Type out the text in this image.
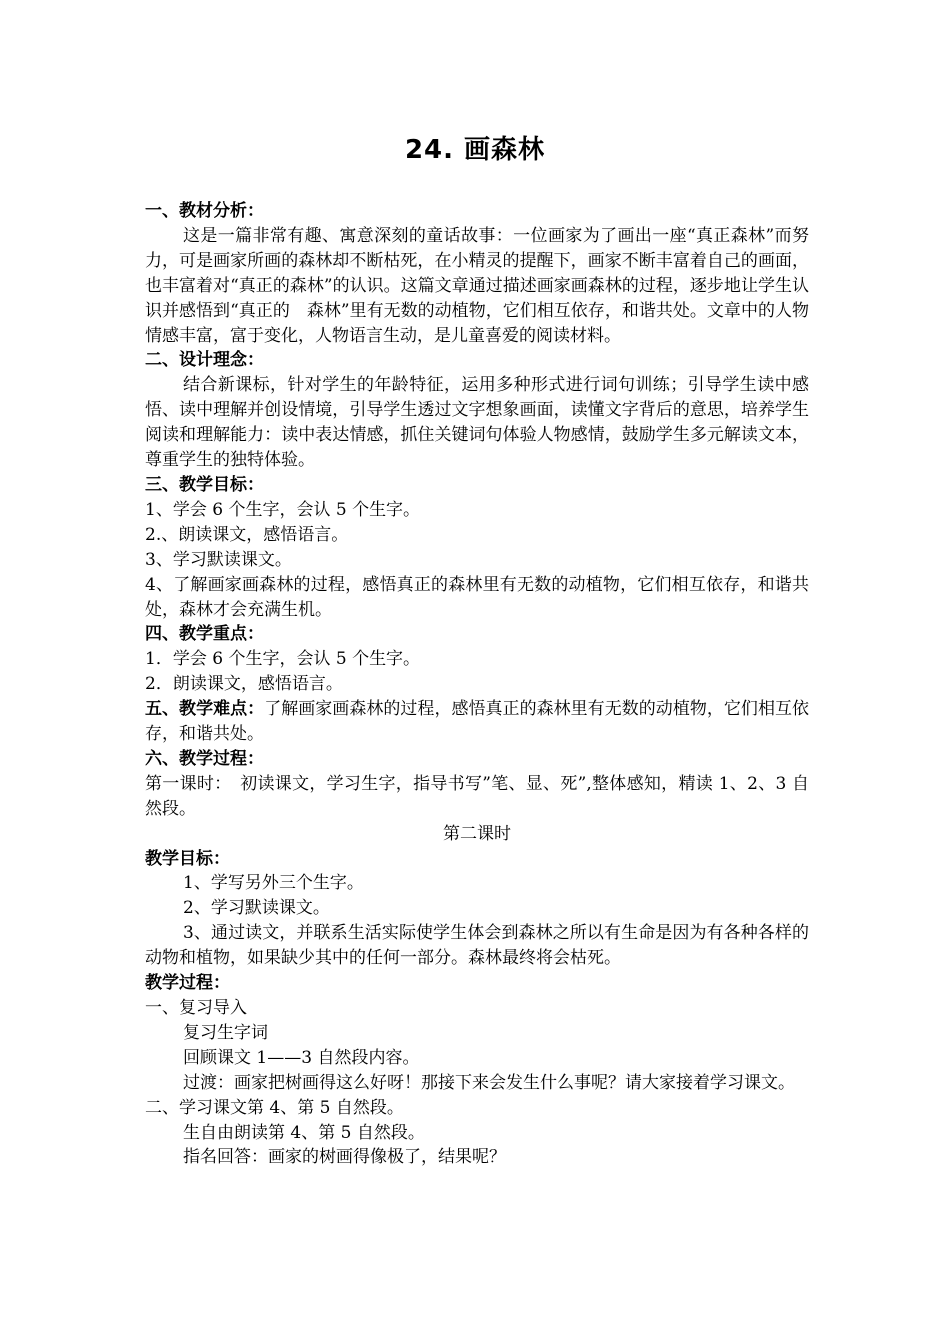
24. 画森林

一、教材分析：

这是一篇非常有趣、寓意深刻的童话故事：一位画家为了画出一座“真正森林”而努力，可是画家所画的森林却不断枯死，在小精灵的提醒下，画家不断丰富着自己的画面，也丰富着对“真正的森林”的认识。这篇文章通过描述画家画森林的过程，逐步地让学生认识并感悟到“真正的　森林”里有无数的动植物，它们相互依存，和谐共处。文章中的人物情感丰富，富于变化，人物语言生动，是儿童喜爱的阅读材料。

二、设计理念：

结合新课标，针对学生的年龄特征，运用多种形式进行词句训练；引导学生读中感悟、读中理解并创设情境，引导学生透过文字想象画面，读懂文字背后的意思，培养学生阅读和理解能力：读中表达情感，抓住关键词句体验人物感情，鼓励学生多元解读文本，尊重学生的独特体验。

三、教学目标：

1、学会 6 个生字，会认 5 个生字。

2.、朗读课文，感悟语言。

3、学习默读课文。

4、了解画家画森林的过程，感悟真正的森林里有无数的动植物，它们相互依存，和谐共处，森林才会充满生机。

四、教学重点：

1．学会 6 个生字，会认 5 个生字。

2．朗读课文，感悟语言。

五、教学难点：了解画家画森林的过程，感悟真正的森林里有无数的动植物，它们相互依存，和谐共处。

六、教学过程：

第一课时：　初读课文，学习生字，指导书写”笔、显、死”,整体感知，精读 1、2、3 自然段。

第二课时

教学目标：

1、学写另外三个生字。

2、学习默读课文。

3、通过读文，并联系生活实际使学生体会到森林之所以有生命是因为有各种各样的动物和植物，如果缺少其中的任何一部分。森林最终将会枯死。

教学过程：

一、复习导入

复习生字词

回顾课文 1——3 自然段内容。

过渡：画家把树画得这么好呀！那接下来会发生什么事呢？请大家接着学习课文。

二、学习课文第 4、第 5 自然段。

生自由朗读第 4、第 5 自然段。

指名回答：画家的树画得像极了，结果呢？
